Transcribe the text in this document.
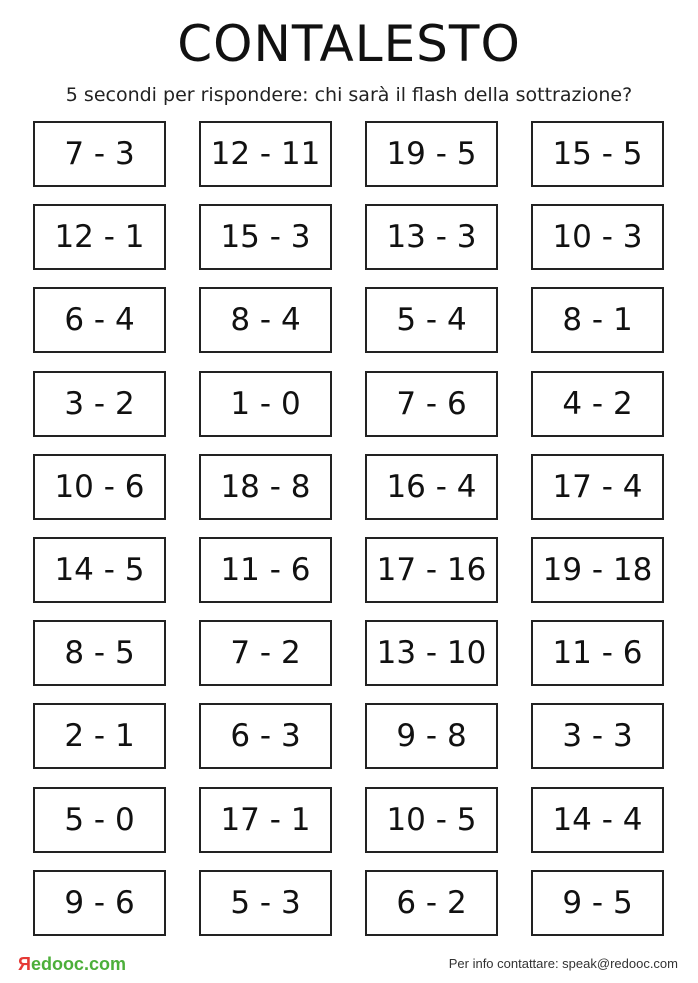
CONTALESTO
5 secondi per rispondere: chi sarà il flash della sottrazione?
7 - 3	12 - 11	19 - 5	15 - 5
12 - 1	15 - 3	13 - 3	10 - 3
6 - 4	8 - 4	5 - 4	8 - 1
3 - 2	1 - 0	7 - 6	4 - 2
10 - 6	18 - 8	16 - 4	17 - 4
14 - 5	11 - 6	17 - 16	19 - 18
8 - 5	7 - 2	13 - 10	11 - 6
2 - 1	6 - 3	9 - 8	3 - 3
5 - 0	17 - 1	10 - 5	14 - 4
9 - 6	5 - 3	6 - 2	9 - 5
Яedooc.com	Per info contattare: speak@redooc.com
